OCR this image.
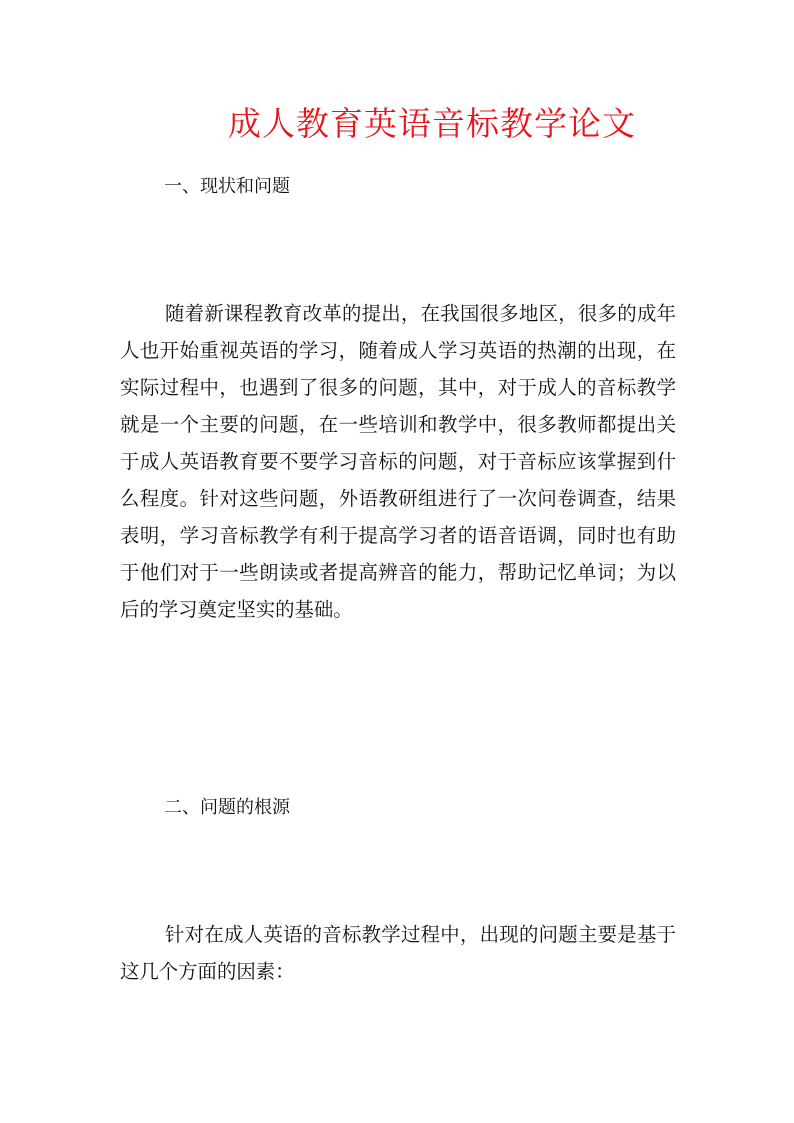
成人教育英语音标教学论文
一、现状和问题

随着新课程教育改革的提出，在我国很多地区，很多的成年人也开始重视英语的学习，随着成人学习英语的热潮的出现，在实际过程中，也遇到了很多的问题，其中，对于成人的音标教学就是一个主要的问题，在一些培训和教学中，很多教师都提出关于成人英语教育要不要学习音标的问题，对于音标应该掌握到什么程度。针对这些问题，外语教研组进行了一次问卷调查，结果表明，学习音标教学有利于提高学习者的语音语调，同时也有助于他们对于一些朗读或者提高辨音的能力，帮助记忆单词；为以后的学习奠定坚实的基础。

二、问题的根源

针对在成人英语的音标教学过程中，出现的问题主要是基于这几个方面的因素：
